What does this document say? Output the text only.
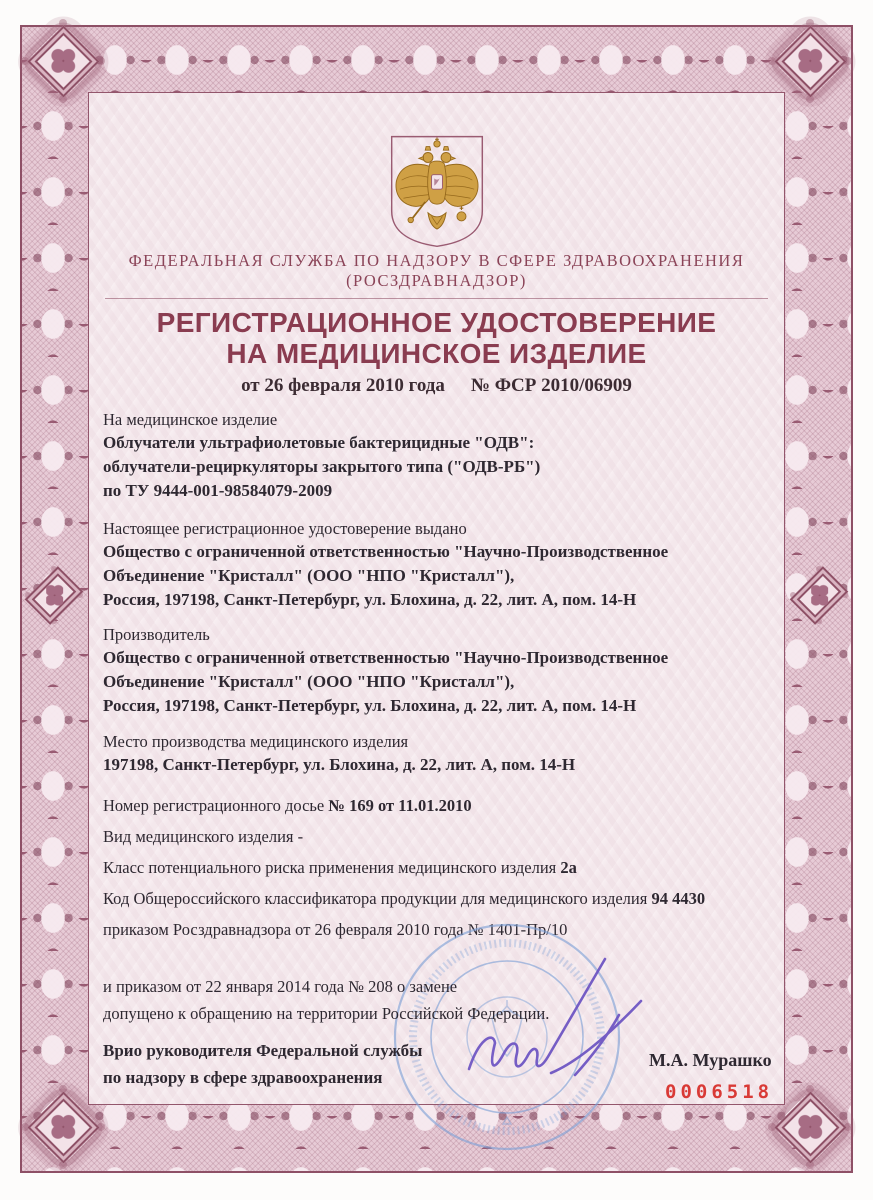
ФЕДЕРАЛЬНАЯ СЛУЖБА ПО НАДЗОРУ В СФЕРЕ ЗДРАВООХРАНЕНИЯ
(РОСЗДРАВНАДЗОР)
РЕГИСТРАЦИОННОЕ УДОСТОВЕРЕНИЕ
НА МЕДИЦИНСКОЕ ИЗДЕЛИЕ
от 26 февраля 2010 года № ФСР 2010/06909

На медицинское изделие

Облучатели ультрафиолетовые бактерицидные "ОДВ":
облучатели-рециркуляторы закрытого типа ("ОДВ-РБ")
по ТУ 9444-001-98584079-2009

Настоящее регистрационное удостоверение выдано

Общество с ограниченной ответственностью "Научно-Производственное
Объединение "Кристалл" (ООО "НПО "Кристалл"),
Россия, 197198, Санкт-Петербург, ул. Блохина, д. 22, лит. А, пом. 14-Н

Производитель

Общество с ограниченной ответственностью "Научно-Производственное
Объединение "Кристалл" (ООО "НПО "Кристалл"),
Россия, 197198, Санкт-Петербург, ул. Блохина, д. 22, лит. А, пом. 14-Н

Место производства медицинского изделия

197198, Санкт-Петербург, ул. Блохина, д. 22, лит. А, пом. 14-Н

Номер регистрационного досье № 169 от 11.01.2010

Вид медицинского изделия -

Класс потенциального риска применения медицинского изделия 2а

Код Общероссийского классификатора продукции для медицинского изделия 94 4430

приказом Росздравнадзора от 26 февраля 2010 года № 1401-Пр/10

и приказом от 22 января 2014 года № 208 о замене
допущено к обращению на территории Российской Федерации.
Врио руководителя Федеральной службы
по надзору в сфере здравоохранения
М.А. Мурашко
0006518
